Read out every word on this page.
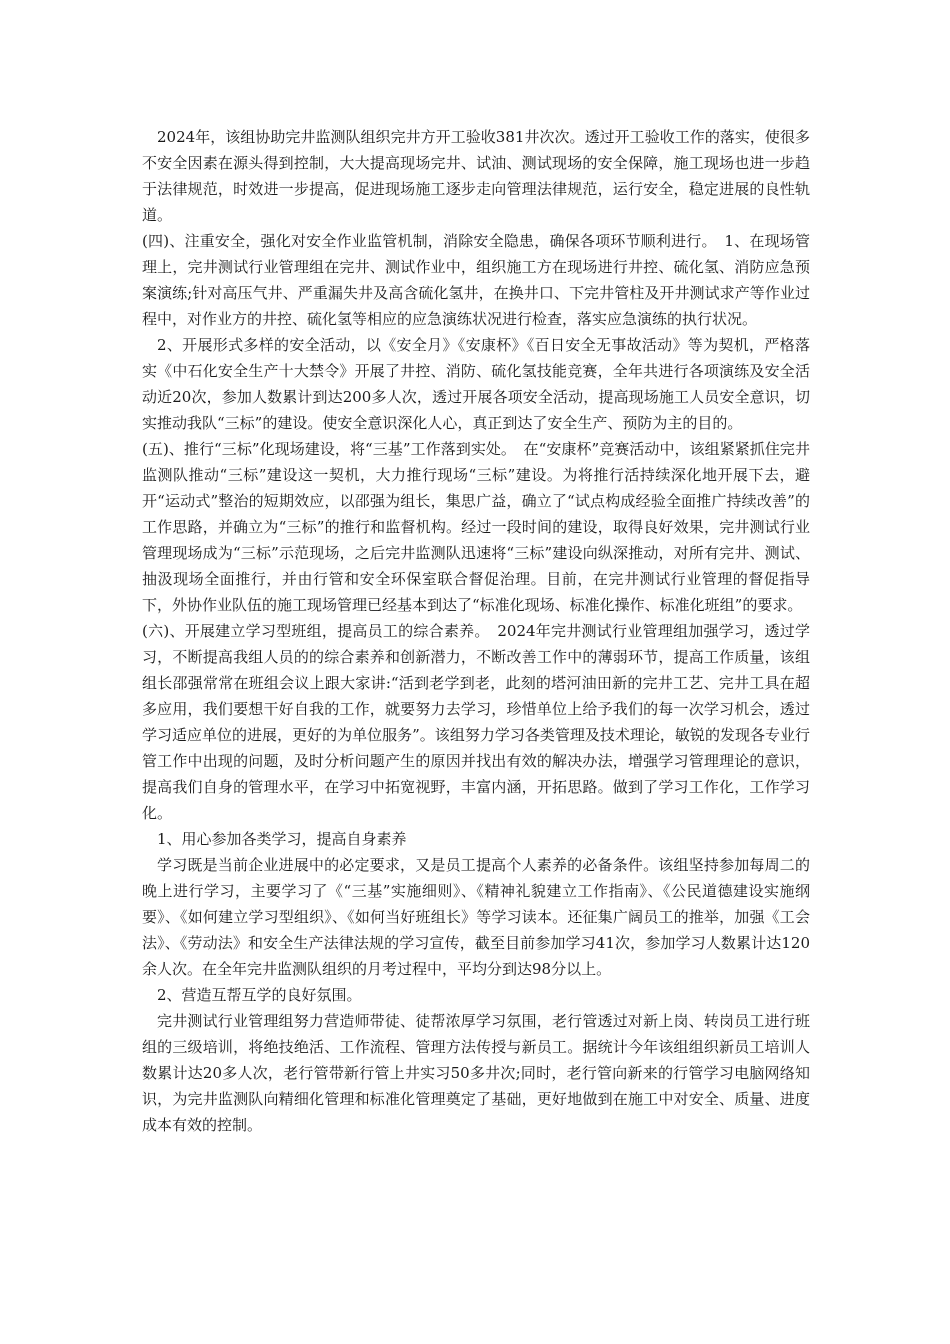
2024年，该组协助完井监测队组织完井方开工验收381井次次。透过开工验收工作的落实，使很多不安全因素在源头得到控制，大大提高现场完井、试油、测试现场的安全保障，施工现场也进一步趋于法律规范，时效进一步提高，促进现场施工逐步走向管理法律规范，运行安全，稳定进展的良性轨道。

(四)、注重安全，强化对安全作业监管机制，消除安全隐患，确保各项环节顺利进行。　1、在现场管理上，完井测试行业管理组在完井、测试作业中，组织施工方在现场进行井控、硫化氢、消防应急预案演练;针对高压气井、严重漏失井及高含硫化氢井，在换井口、下完井管柱及开井测试求产等作业过程中，对作业方的井控、硫化氢等相应的应急演练状况进行检查，落实应急演练的执行状况。

2、开展形式多样的安全活动，以《安全月》《安康杯》《百日安全无事故活动》等为契机，严格落实《中石化安全生产十大禁令》开展了井控、消防、硫化氢技能竞赛，全年共进行各项演练及安全活动近20次，参加人数累计到达200多人次，透过开展各项安全活动，提高现场施工人员安全意识，切实推动我队“三标”的建设。使安全意识深化人心，真正到达了安全生产、预防为主的目的。

(五)、推行“三标”化现场建设，将“三基”工作落到实处。　在“安康杯”竞赛活动中，该组紧紧抓住完井监测队推动“三标”建设这一契机，大力推行现场“三标”建设。为将推行活持续深化地开展下去，避开“运动式”整治的短期效应，以邵强为组长，集思广益，确立了“试点构成经验全面推广持续改善”的工作思路，并确立为“三标”的推行和监督机构。经过一段时间的建设，取得良好效果，完井测试行业管理现场成为“三标”示范现场，之后完井监测队迅速将“三标”建设向纵深推动，对所有完井、测试、抽汲现场全面推行，并由行管和安全环保室联合督促治理。目前，在完井测试行业管理的督促指导下，外协作业队伍的施工现场管理已经基本到达了“标准化现场、标准化操作、标准化班组”的要求。

(六)、开展建立学习型班组，提高员工的综合素养。　2024年完井测试行业管理组加强学习，透过学习，不断提高我组人员的的综合素养和创新潜力，不断改善工作中的薄弱环节，提高工作质量，该组组长邵强常常在班组会议上跟大家讲:“活到老学到老，此刻的塔河油田新的完井工艺、完井工具在超多应用，我们要想干好自我的工作，就要努力去学习，珍惜单位上给予我们的每一次学习机会，透过学习适应单位的进展，更好的为单位服务”。该组努力学习各类管理及技术理论，敏锐的发现各专业行管工作中出现的问题，及时分析问题产生的原因并找出有效的解决办法，增强学习管理理论的意识，提高我们自身的管理水平，在学习中拓宽视野，丰富内涵，开拓思路。做到了学习工作化，工作学习化。

1、用心参加各类学习，提高自身素养

学习既是当前企业进展中的必定要求，又是员工提高个人素养的必备条件。该组坚持参加每周二的晚上进行学习，主要学习了《“三基”实施细则》、《精神礼貌建立工作指南》、《公民道德建设实施纲要》、《如何建立学习型组织》、《如何当好班组长》等学习读本。还征集广阔员工的推举，加强《工会法》、《劳动法》和安全生产法律法规的学习宣传，截至目前参加学习41次，参加学习人数累计达120余人次。在全年完井监测队组织的月考过程中，平均分到达98分以上。

2、营造互帮互学的良好氛围。

完井测试行业管理组努力营造师带徒、徒帮浓厚学习氛围，老行管透过对新上岗、转岗员工进行班组的三级培训，将绝技绝活、工作流程、管理方法传授与新员工。据统计今年该组组织新员工培训人数累计达20多人次，老行管带新行管上井实习50多井次;同时，老行管向新来的行管学习电脑网络知识，为完井监测队向精细化管理和标准化管理奠定了基础，更好地做到在施工中对安全、质量、进度成本有效的控制。
